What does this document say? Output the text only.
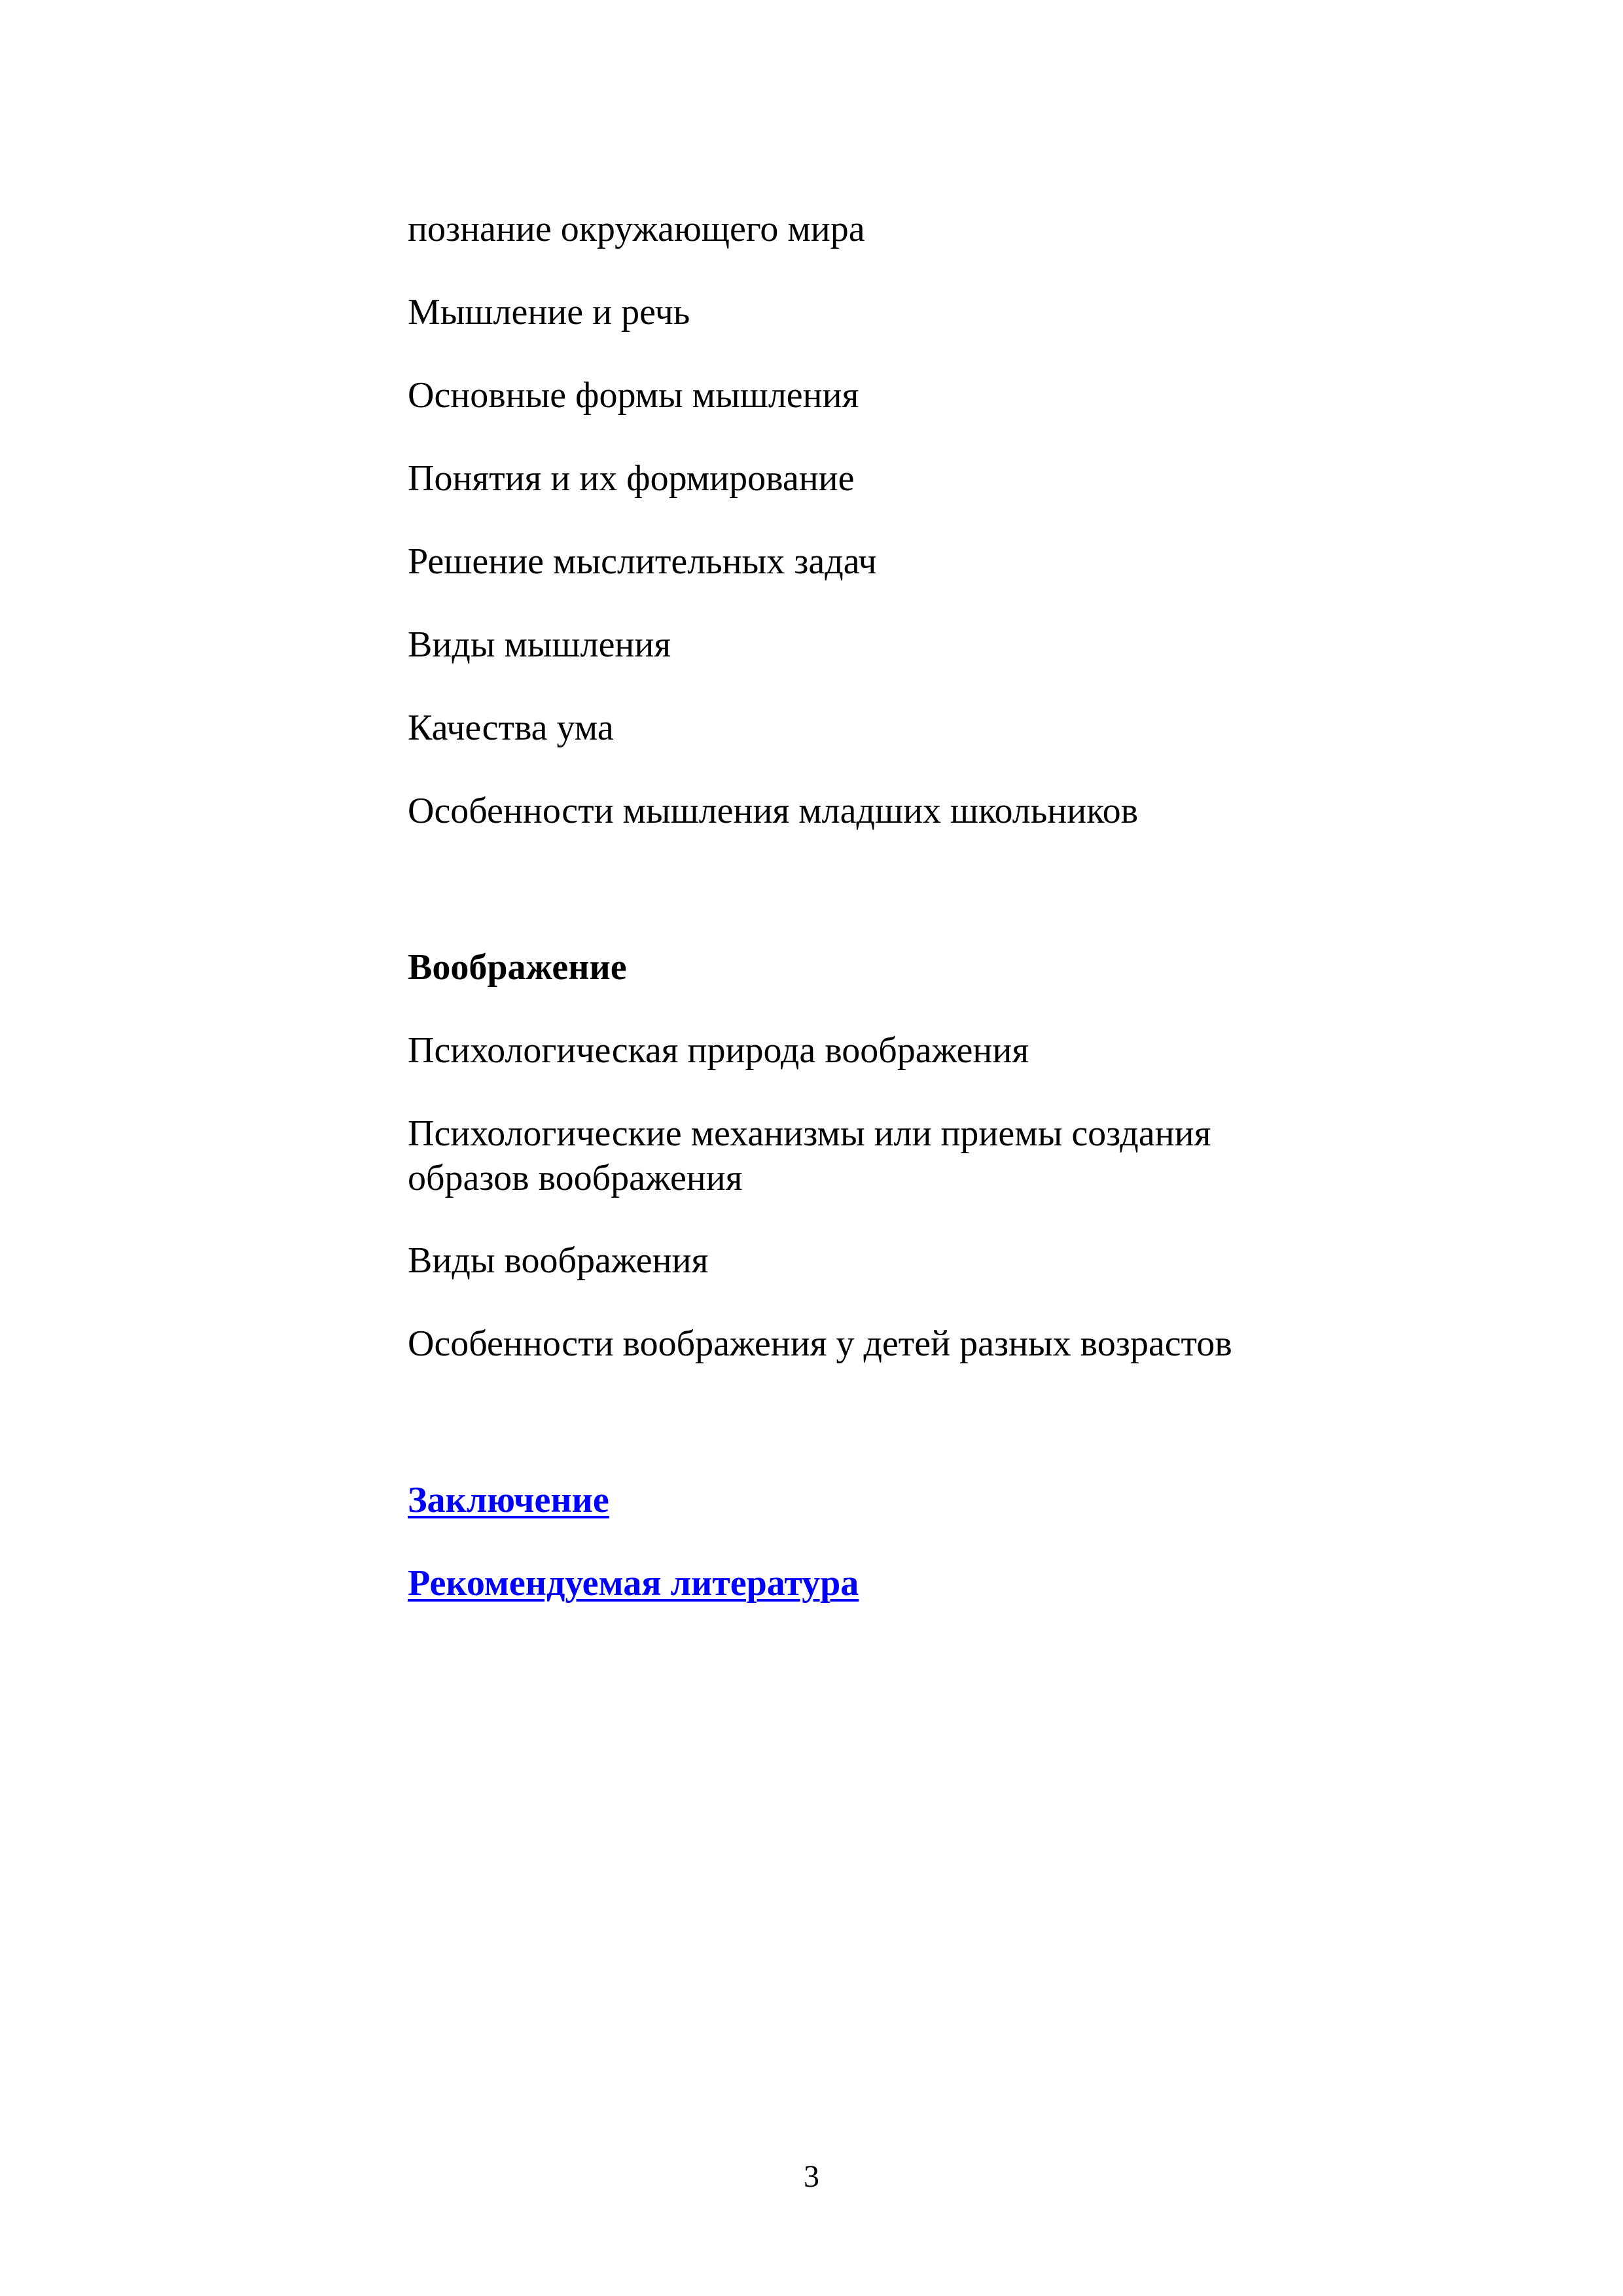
познание окружающего мира

Мышление и речь

Основные формы мышления

Понятия и их формирование

Решение мыслительных задач

Виды мышления

Качества ума

Особенности мышления младших школьников

Воображение

Психологическая природа воображения

Психологические механизмы или приемы создания образов воображения

Виды воображения

Особенности воображения у детей разных возрастов

Заключение

Рекомендуемая литература

3
